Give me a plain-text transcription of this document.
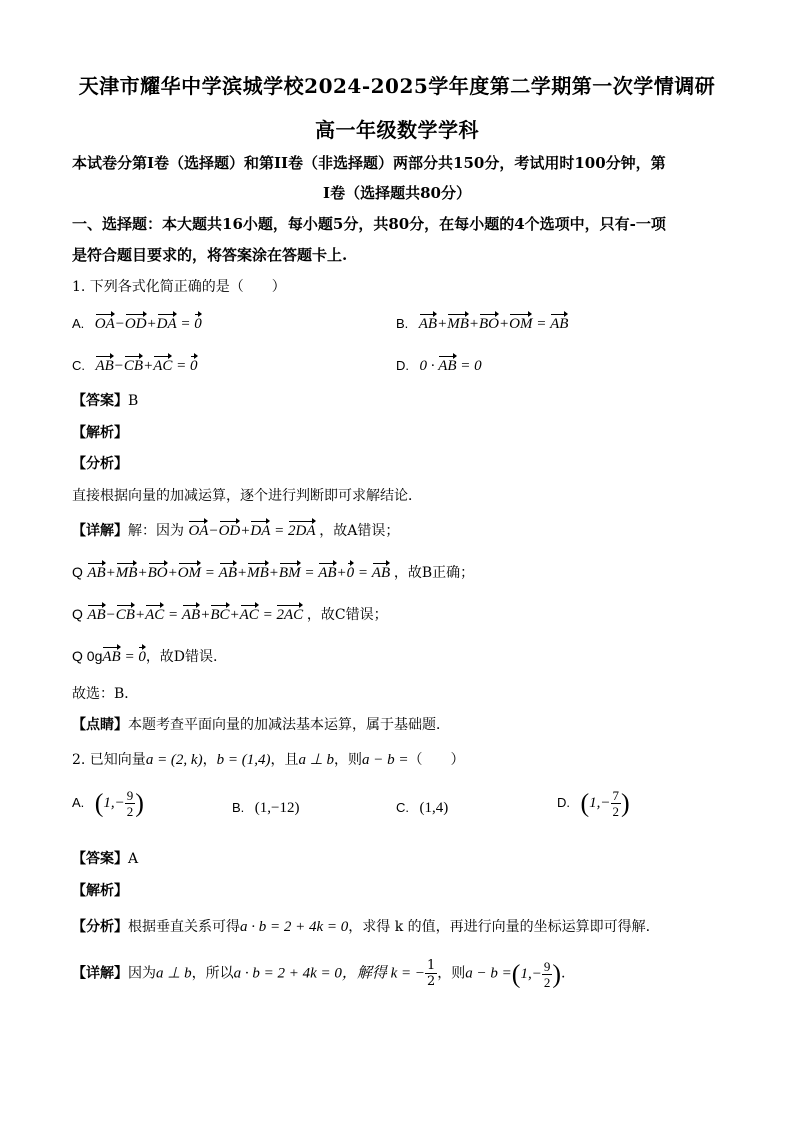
天津市耀华中学滨城学校2024-2025学年度第二学期第一次学情调研
高一年级数学学科
本试卷分第I卷（选择题）和第II卷（非选择题）两部分共150分，考试用时100分钟，第
I卷（选择题共80分）
一、选择题：本大题共16小题，每小题5分，共80分，在每小题的4个选项中，只有-一项
是符合题目要求的，将答案涂在答题卡上.
1. 下列各式化简正确的是（　　）
A. OA−OD+DA = 0	B. AB+MB+BO+OM = AB
C. AB−CB+AC = 0	D. 0 · AB = 0
【答案】B
【解析】
【分析】
直接根据向量的加减运算，逐个进行判断即可求解结论．
【详解】解：因为 OA−OD+DA = 2DA ，故A错误；
Q AB+MB+BO+OM = AB+MB+BM = AB+0 = AB ，故B正确；
Q AB−CB+AC = AB+BC+AC = 2AC ，故C错误；
Q 0gAB = 0，故D错误.
故选：B．
【点睛】本题考查平面向量的加减法基本运算，属于基础题．
2. 已知向量a = (2, k)，b = (1,4)，且a ⊥ b，则a − b =（　　）
A. ($1,- \frac{9}{2}$ )	B. (1,−12)	C. (1,4)	D. ($1,- \frac{7}{2}$ )
【答案】A
【解析】
【分析】根据垂直关系可得a · b = 2 + 4k = 0，求得 k 的值，再进行向量的坐标运算即可得解.
【详解】因为a ⊥ b，所以a · b = 2 + 4k = 0，解得 k = − $\frac{1}{2}$ ，则$a - b =(1,- \frac{9}{2}$ ).
